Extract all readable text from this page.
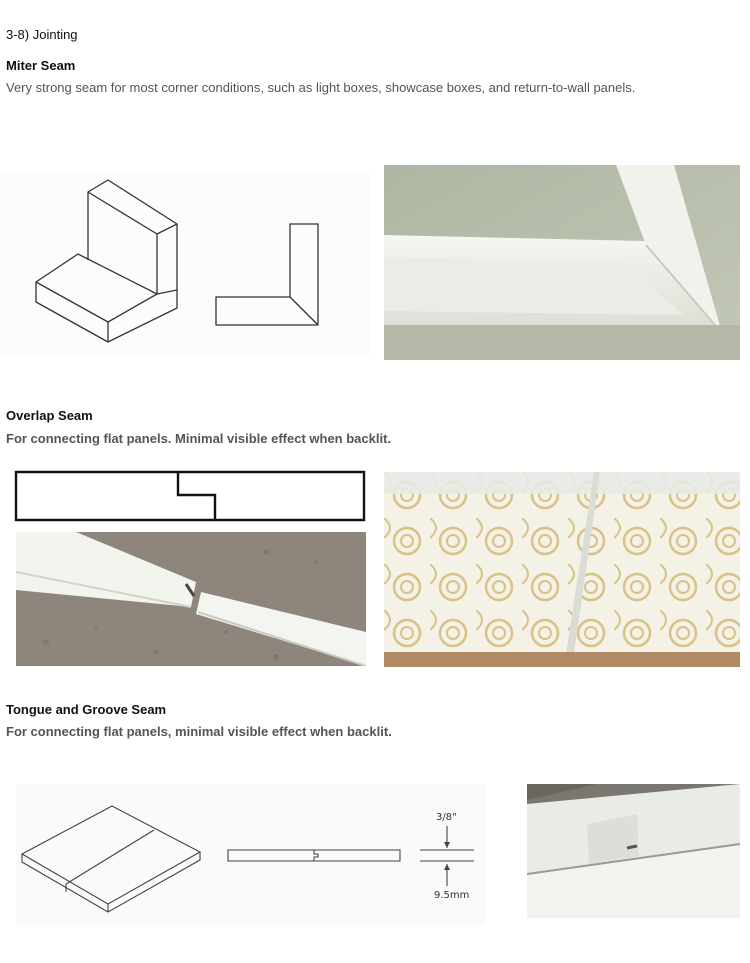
3-8) Jointing
Miter Seam
Very strong seam for most corner conditions, such as light boxes, showcase boxes, and return-to-wall panels.
Overlap Seam
For connecting flat panels. Minimal visible effect when backlit.
Tongue and Groove Seam
For connecting flat panels, minimal visible effect when backlit.
3/8"
9.5mm
